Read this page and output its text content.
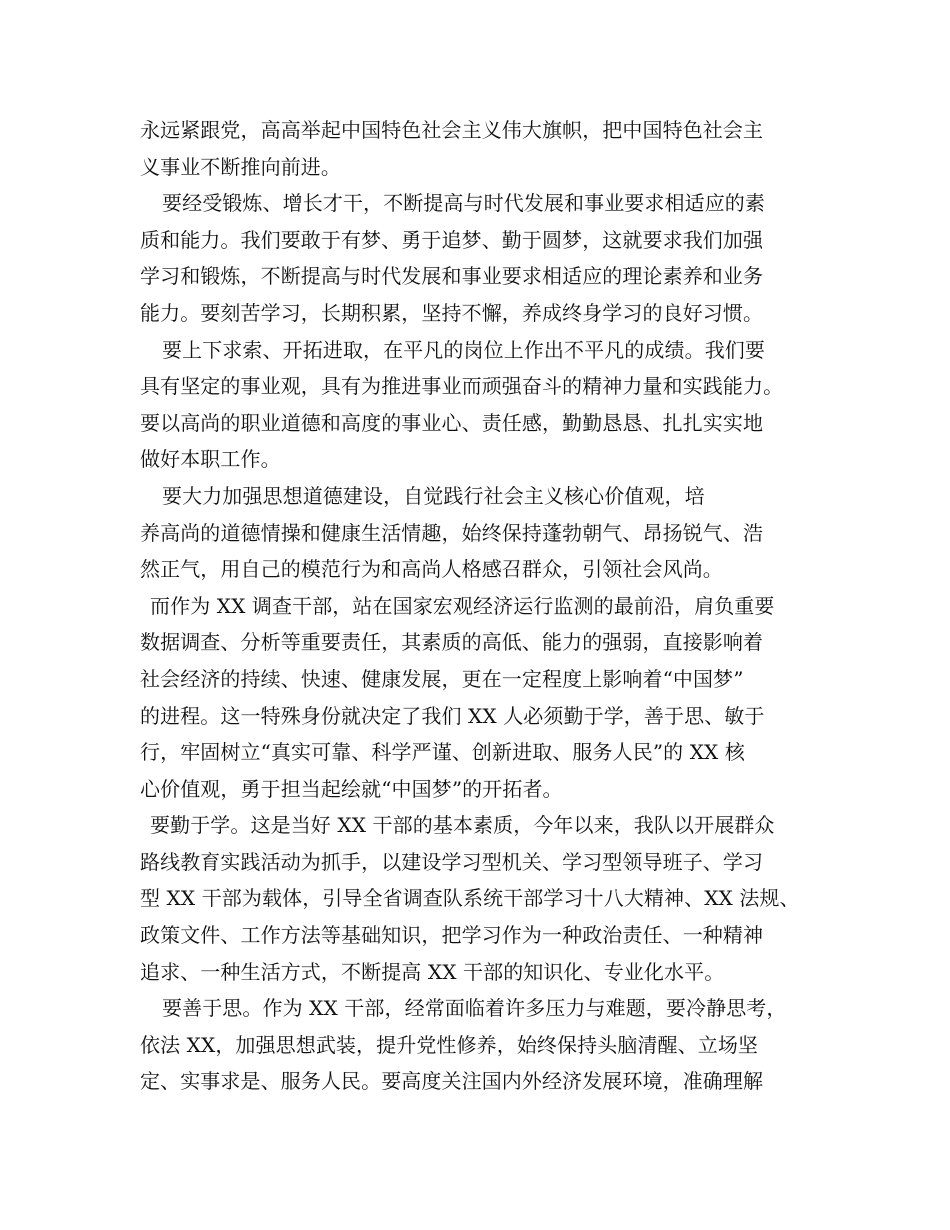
永远紧跟党，高高举起中国特色社会主义伟大旗帜，把中国特色社会主
义事业不断推向前进。
要经受锻炼、增长才干，不断提高与时代发展和事业要求相适应的素
质和能力。我们要敢于有梦、勇于追梦、勤于圆梦，这就要求我们加强
学习和锻炼，不断提高与时代发展和事业要求相适应的理论素养和业务
能力。要刻苦学习，长期积累，坚持不懈，养成终身学习的良好习惯。
要上下求索、开拓进取，在平凡的岗位上作出不平凡的成绩。我们要
具有坚定的事业观，具有为推进事业而顽强奋斗的精神力量和实践能力。
要以高尚的职业道德和高度的事业心、责任感，勤勤恳恳、扎扎实实地
做好本职工作。
要大力加强思想道德建设，自觉践行社会主义核心价值观，培
养高尚的道德情操和健康生活情趣，始终保持蓬勃朝气、昂扬锐气、浩
然正气，用自己的模范行为和高尚人格感召群众，引领社会风尚。
而作为 XX 调查干部，站在国家宏观经济运行监测的最前沿，肩负重要
数据调查、分析等重要责任，其素质的高低、能力的强弱，直接影响着
社会经济的持续、快速、健康发展，更在一定程度上影响着“中国梦”
的进程。这一特殊身份就决定了我们 XX 人必须勤于学，善于思、敏于
行，牢固树立“真实可靠、科学严谨、创新进取、服务人民”的 XX 核
心价值观，勇于担当起绘就“中国梦”的开拓者。
要勤于学。这是当好 XX 干部的基本素质，今年以来，我队以开展群众
路线教育实践活动为抓手，以建设学习型机关、学习型领导班子、学习
型 XX 干部为载体，引导全省调查队系统干部学习十八大精神、XX 法规、
政策文件、工作方法等基础知识，把学习作为一种政治责任、一种精神
追求、一种生活方式，不断提高 XX 干部的知识化、专业化水平。
要善于思。作为 XX 干部，经常面临着许多压力与难题，要冷静思考，
依法 XX，加强思想武装，提升党性修养，始终保持头脑清醒、立场坚
定、实事求是、服务人民。要高度关注国内外经济发展环境，准确理解
